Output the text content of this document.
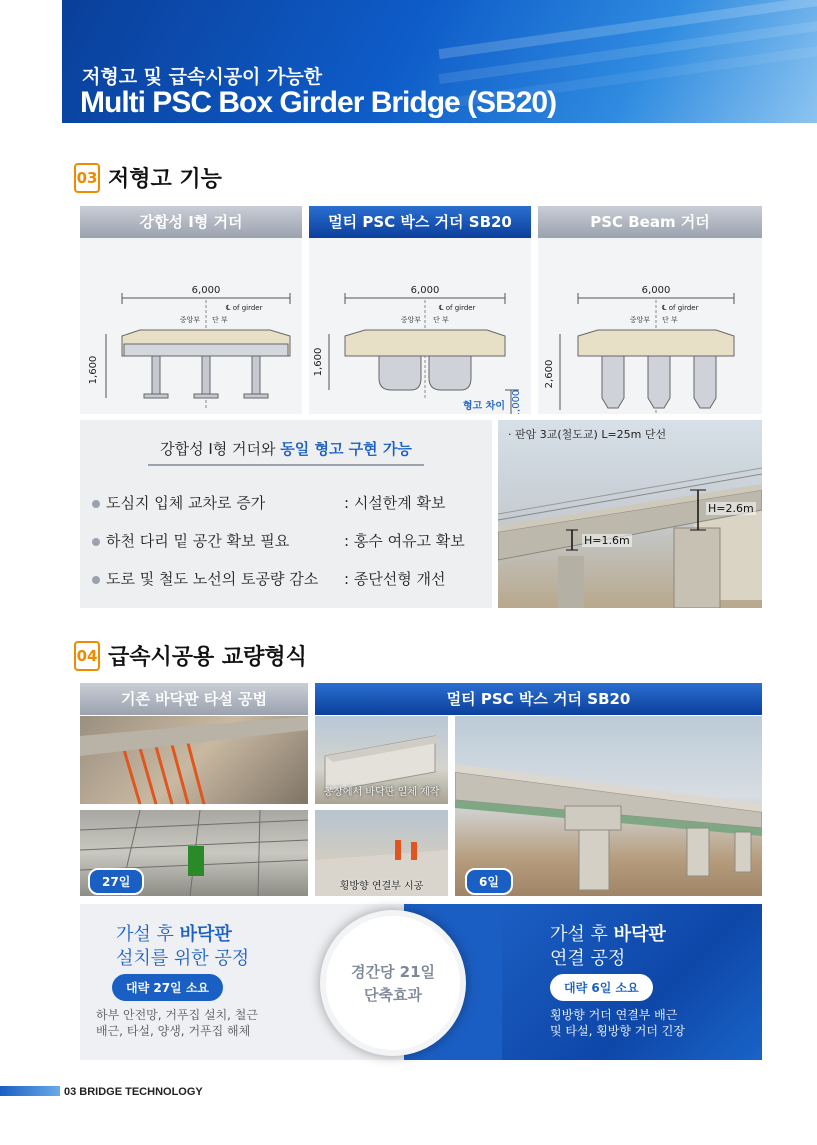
저형고 및 급속시공이 가능한
Multi PSC Box Girder Bridge (SB20)
03 저형고 기능
강합성 I형 거더
6,000
℄ of girder
중앙부 단 부
1,600
멀티 PSC 박스 거더 SB20
6,000
℄ of girder
중앙부 단 부
1,600
1,000
형고 차이
PSC Beam 거더
6,000
℄ of girder
중앙부 단 부
2,600
강합성 I형 거더와 동일 형고 구현 가능
도심지 입체 교차로 증가	: 시설한계 확보
하천 다리 밑 공간 확보 필요	: 홍수 여유고 확보
도로 및 철도 노선의 토공량 감소 : 종단선형 개선
· 판암 3교(철도교) L=25m 단선
H=1.6m
H=2.6m
04 급속시공용 교량형식
기존 바닥판 타설 공법	멀티 PSC 박스 거더 SB20
27일
공장에서 바닥판 일체 제작
횡방향 연결부 시공	6일
가설 후 바닥판
설치를 위한 공정
대략 27일 소요
하부 안전망, 거푸집 설치, 철근
배근, 타설, 양생, 거푸집 해체
경간당 21일
단축효과
가설 후 바닥판
연결 공정
대략 6일 소요
횡방향 거더 연결부 배근
및 타설, 횡방향 거더 긴장
03 BRIDGE TECHNOLOGY
